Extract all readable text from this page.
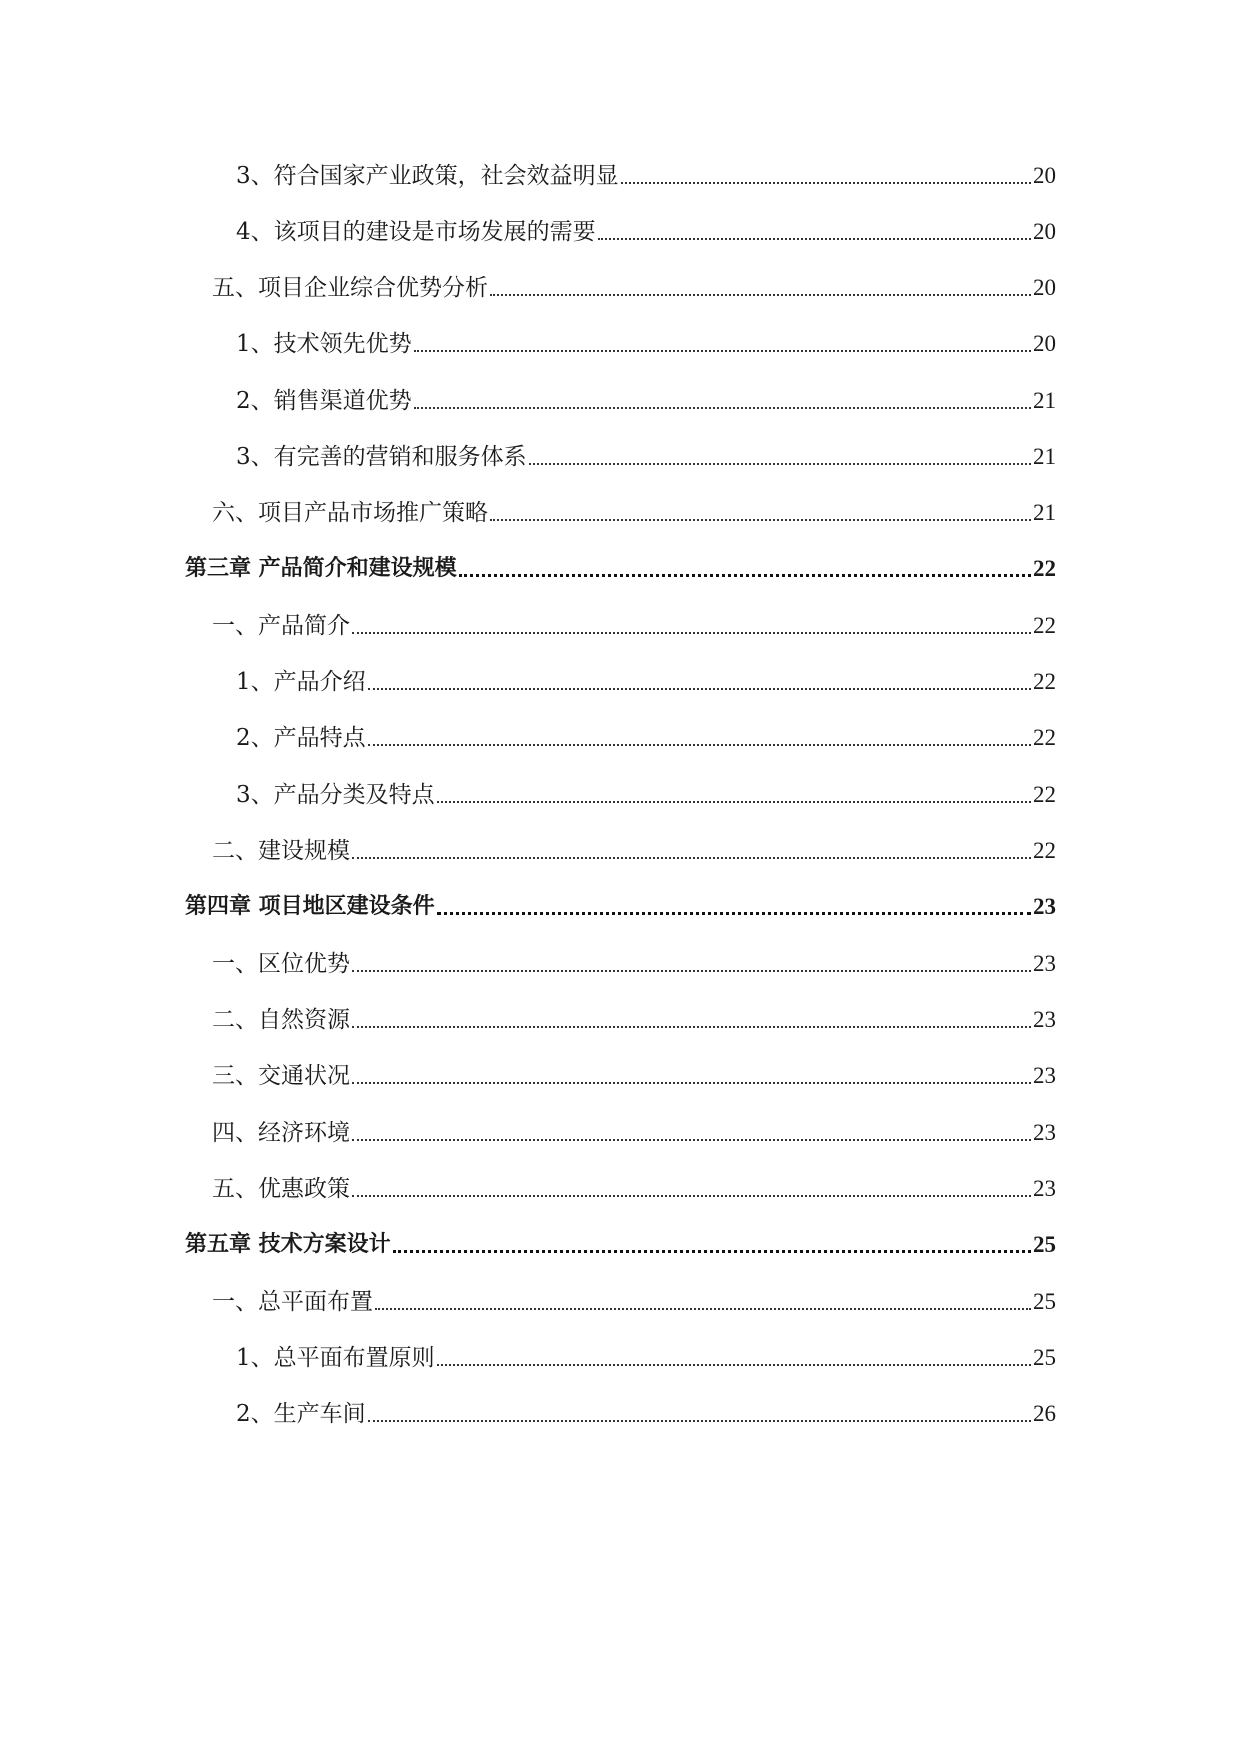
3、符合国家产业政策，社会效益明显	20
4、该项目的建设是市场发展的需要	20
五、项目企业综合优势分析	20
1、技术领先优势	20
2、销售渠道优势	21
3、有完善的营销和服务体系	21
六、项目产品市场推广策略	21
第三章 产品简介和建设规模	22
一、产品简介	22
1、产品介绍	22
2、产品特点	22
3、产品分类及特点	22
二、建设规模	22
第四章 项目地区建设条件	23
一、区位优势	23
二、自然资源	23
三、交通状况	23
四、经济环境	23
五、优惠政策	23
第五章 技术方案设计	25
一、总平面布置	25
1、总平面布置原则	25
2、生产车间	26
